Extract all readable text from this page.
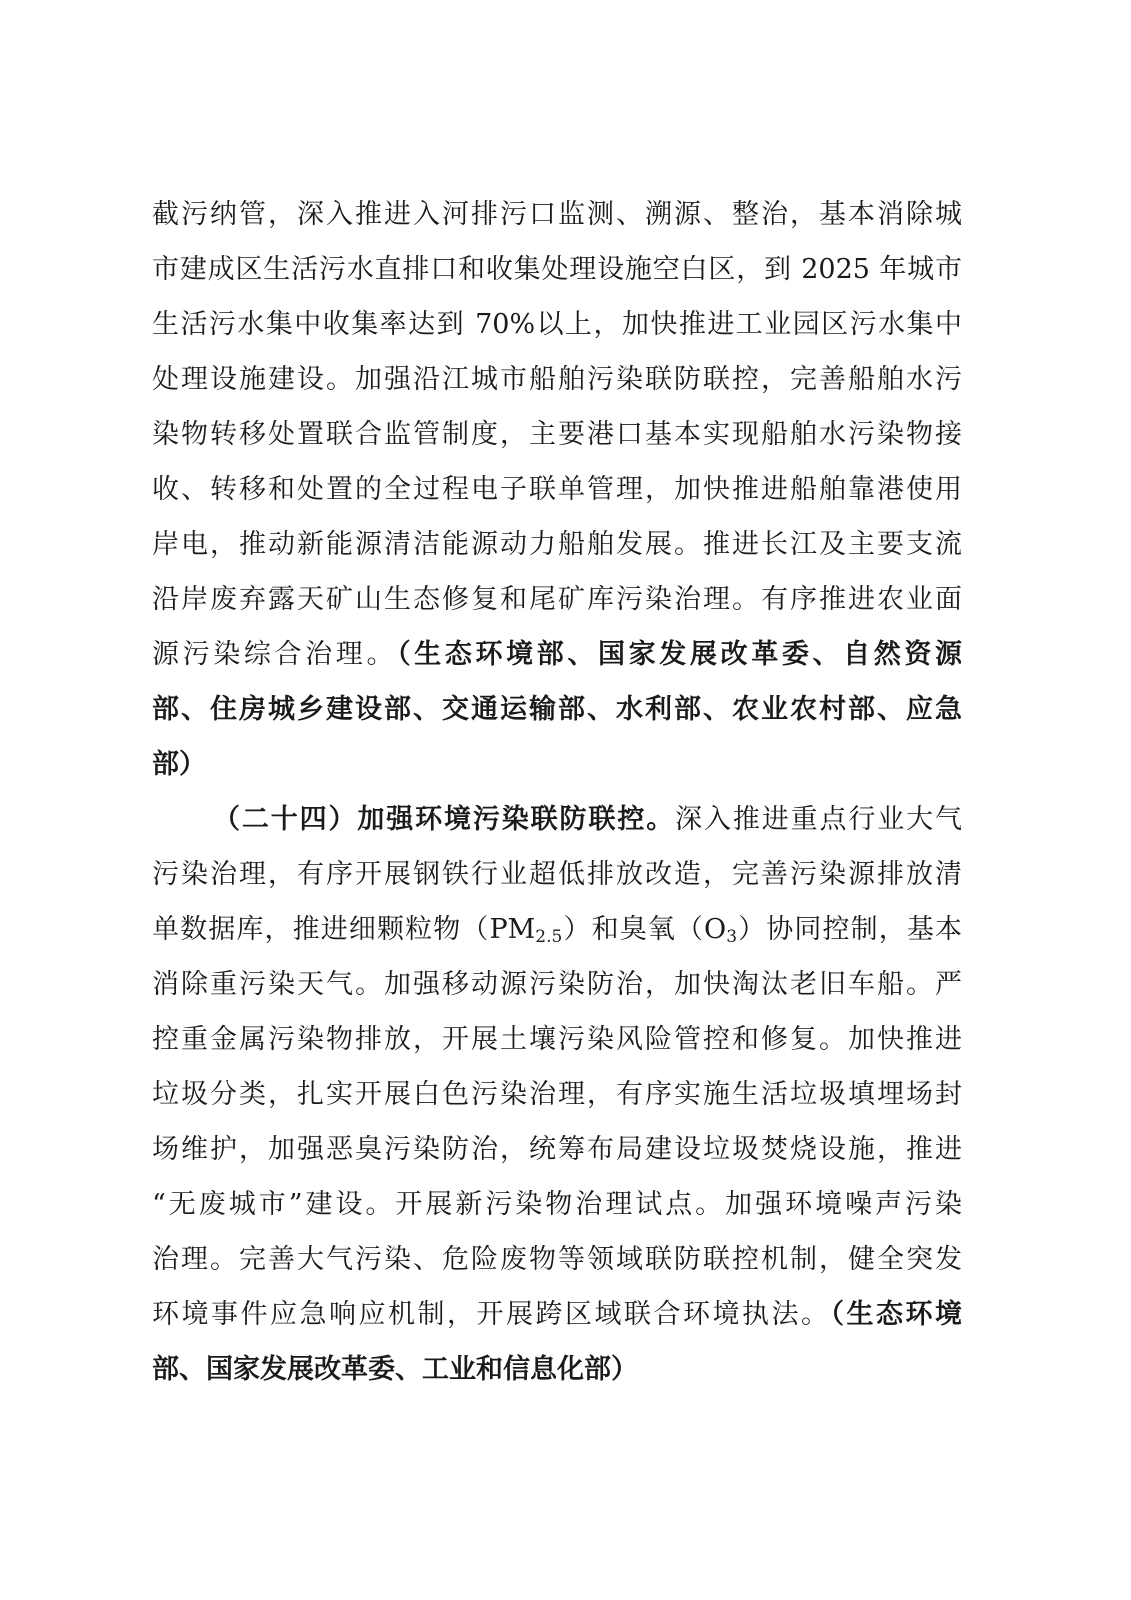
截污纳管，深入推进入河排污口监测、溯源、整治，基本消除城
市建成区生活污水直排口和收集处理设施空白区，到 2025 年城市
生活污水集中收集率达到 70%以上，加快推进工业园区污水集中
处理设施建设。加强沿江城市船舶污染联防联控，完善船舶水污
染物转移处置联合监管制度，主要港口基本实现船舶水污染物接
收、转移和处置的全过程电子联单管理，加快推进船舶靠港使用
岸电，推动新能源清洁能源动力船舶发展。推进长江及主要支流
沿岸废弃露天矿山生态修复和尾矿库污染治理。有序推进农业面
源污染综合治理。（生态环境部、国家发展改革委、自然资源
部、住房城乡建设部、交通运输部、水利部、农业农村部、应急
部）
（二十四）加强环境污染联防联控。深入推进重点行业大气
污染治理，有序开展钢铁行业超低排放改造，完善污染源排放清
单数据库，推进细颗粒物$(PM_{2.5})$和臭氧$(O_3)$协同控制，基本
消除重污染天气。加强移动源污染防治，加快淘汰老旧车船。严
控重金属污染物排放，开展土壤污染风险管控和修复。加快推进
垃圾分类，扎实开展白色污染治理，有序实施生活垃圾填埋场封
场维护，加强恶臭污染防治，统筹布局建设垃圾焚烧设施，推进
“无废城市”建设。开展新污染物治理试点。加强环境噪声污染
治理。完善大气污染、危险废物等领域联防联控机制，健全突发
环境事件应急响应机制，开展跨区域联合环境执法。（生态环境
部、国家发展改革委、工业和信息化部）
